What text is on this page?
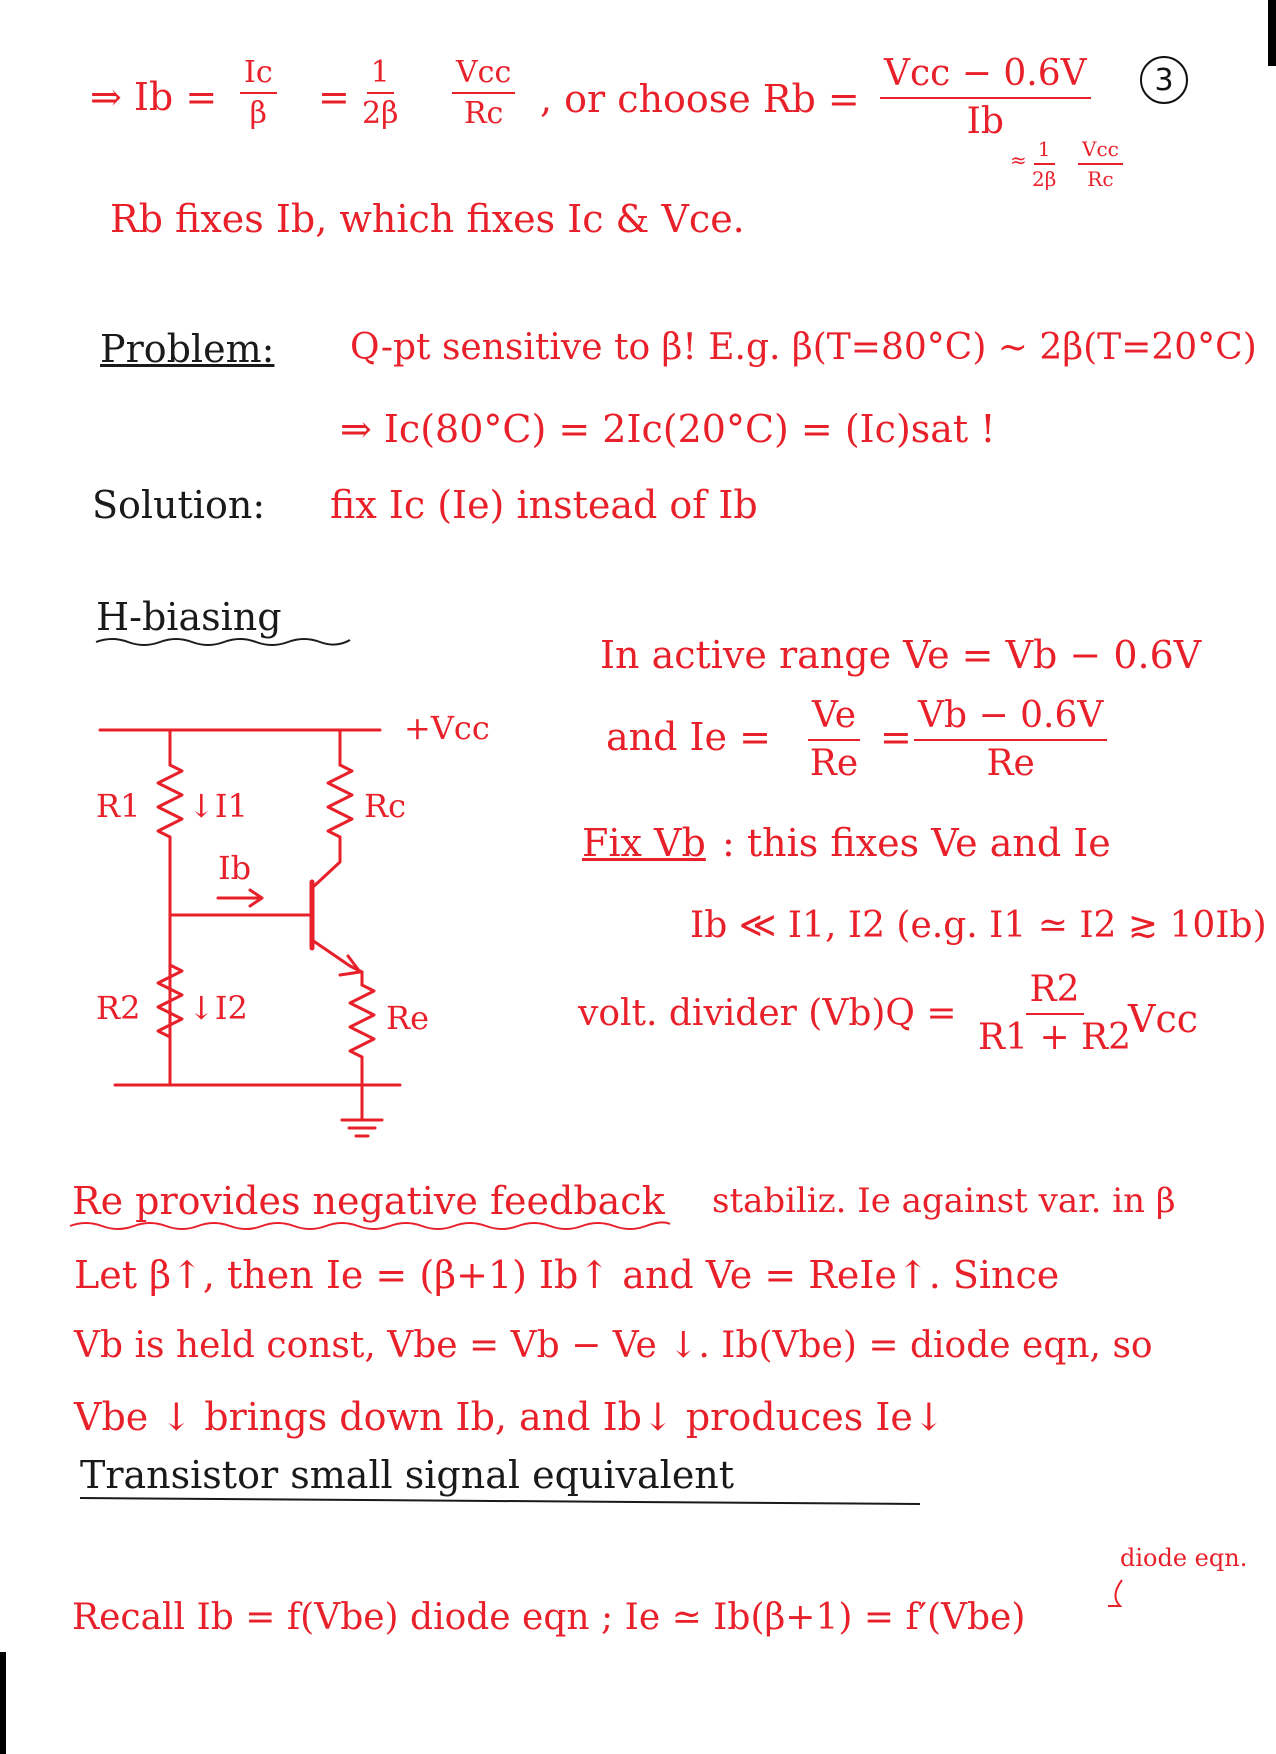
⇒ $Ib = \frac{Ic}{\beta} = \frac{1}{2\beta}$ Vcc
Rc , or choose Rb =
Vcc − 0.6V
Ib
≈ $\frac{1}{2\beta}$ Vcc
Rc
3
Rb fixes Ib, which fixes Ic & Vce.
Problem: Q-pt sensitive to β! E.g. β(T=80°C) ~ 2β(T=20°C)
⇒ Ic(80°C) = 2Ic(20°C) = (Ic)sat !
Solution: fix Ic (Ie) instead of Ib
H-biasing
In active range Ve = Vb − 0.6V
and $Ie = \frac{Ve}{Re} = \frac{Vb - 0.6V}{Re}$
Fix Vb : this fixes Ve and Ie
Ib ≪ I1, I2 (e.g. I1 ≃ I2 ≳ 10Ib)
volt. divider $(Vb)Q = \frac{R2}{R1 + R2}$
Vcc
+Vcc
R1 ↓I1	Rc
Ib
R2 ↓I2	Re
Re provides negative feedback stabiliz. Ie against var. in β
Let β↑, then Ie = (β+1) Ib↑ and Ve = ReIe↑. Since
Vb is held const, Vbe = Vb − Ve ↓. Ib(Vbe) = diode eqn, so
Vbe ↓ brings down Ib, and Ib↓ produces Ie↓
Transistor small signal equivalent
diode eqn.
Recall Ib = f(Vbe) diode eqn ; Ie ≃ Ib(β+1) = f′(Vbe)
